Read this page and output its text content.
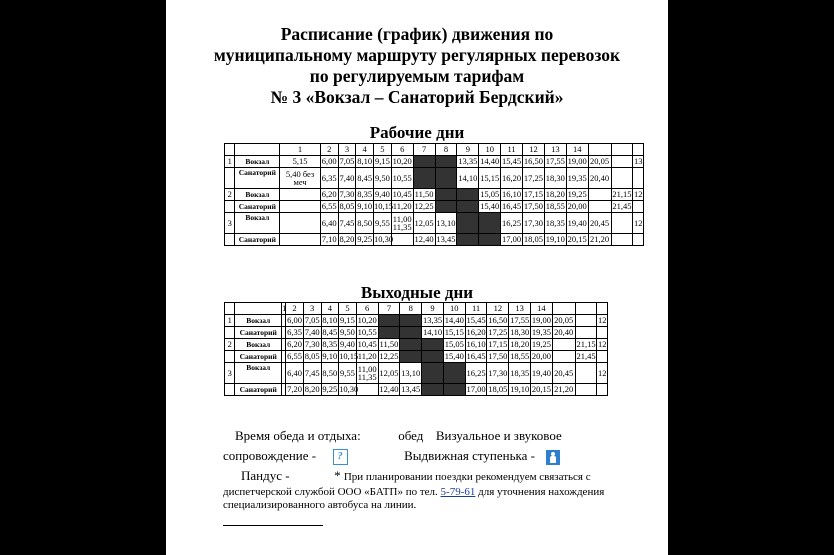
Расписание (график) движения по
муниципальному маршруту регулярных перевозок
по регулируемым тарифам
№ 3 «Вокзал – Санаторий Бердский»
Рабочие дни
		1	2	3	4	5	6	7	8	9	10	11	12	13	14			
1	Вокзал	5,15	6,00	7,05	8,10	9,15	10,20			13,35	14,40	15,45	16,50	17,55	19,00	20,05		13
	Санаторий	5,40 без меч	6,35	7,40	8,45	9,50	10,55			14,10	15,15	16,20	17,25	18,30	19,35	20,40		
2	Вокзал		6,20	7,30	8,35	9,40	10,45	11,50			15,05	16,10	17,15	18,20	19,25		21,15	12
	Санаторий		6,55	8,05	9,10	10,15	11,20	12,25			15,40	16,45	17,50	18,55	20,00		21,45	
3	Вокзал		6,40	7,45	8,50	9,55	11,00 11,35	12,05	13,10			16,25	17,30	18,35	19,40	20,45		12
	Санаторий		7,10	8,20	9,25	10,30		12,40	13,45			17,00	18,05	19,10	20,15	21,20		
Выходные дни
		1	2	3	4	5	6	7	8	9	10	11	12	13	14			
1	Вокзал		6,00	7,05	8,10	9,15	10,20			13,35	14,40	15,45	16,50	17,55	19,00	20,05		12
	Санаторий		6,35	7,40	8,45	9,50	10,55			14,10	15,15	16,20	17,25	18,30	19,35	20,40		
2	Вокзал		6,20	7,30	8,35	9,40	10,45	11,50			15,05	16,10	17,15	18,20	19,25		21,15	12
	Санаторий		6,55	8,05	9,10	10,15	11,20	12,25			15,40	16,45	17,50	18,55	20,00		21,45	
3	Вокзал		6,40	7,45	8,50	9,55	11,00 11,35	12,05	13,10			16,25	17,30	18,35	19,40	20,45		12
	Санаторий		7,20	8,20	9,25	10,30		12,40	13,45			17,00	18,05	19,10	20,15	21,20		
Время обеда и отдыха:	обед Визуальное и звуковое
сопровождение - ?	Выдвижная ступенька -
Пандус -	* При планировании поездки рекомендуем связаться с
диспетчерской службой ООО «БАТП» по тел. 5-79-61 для уточнения нахождения
специализированного автобуса на линии.
